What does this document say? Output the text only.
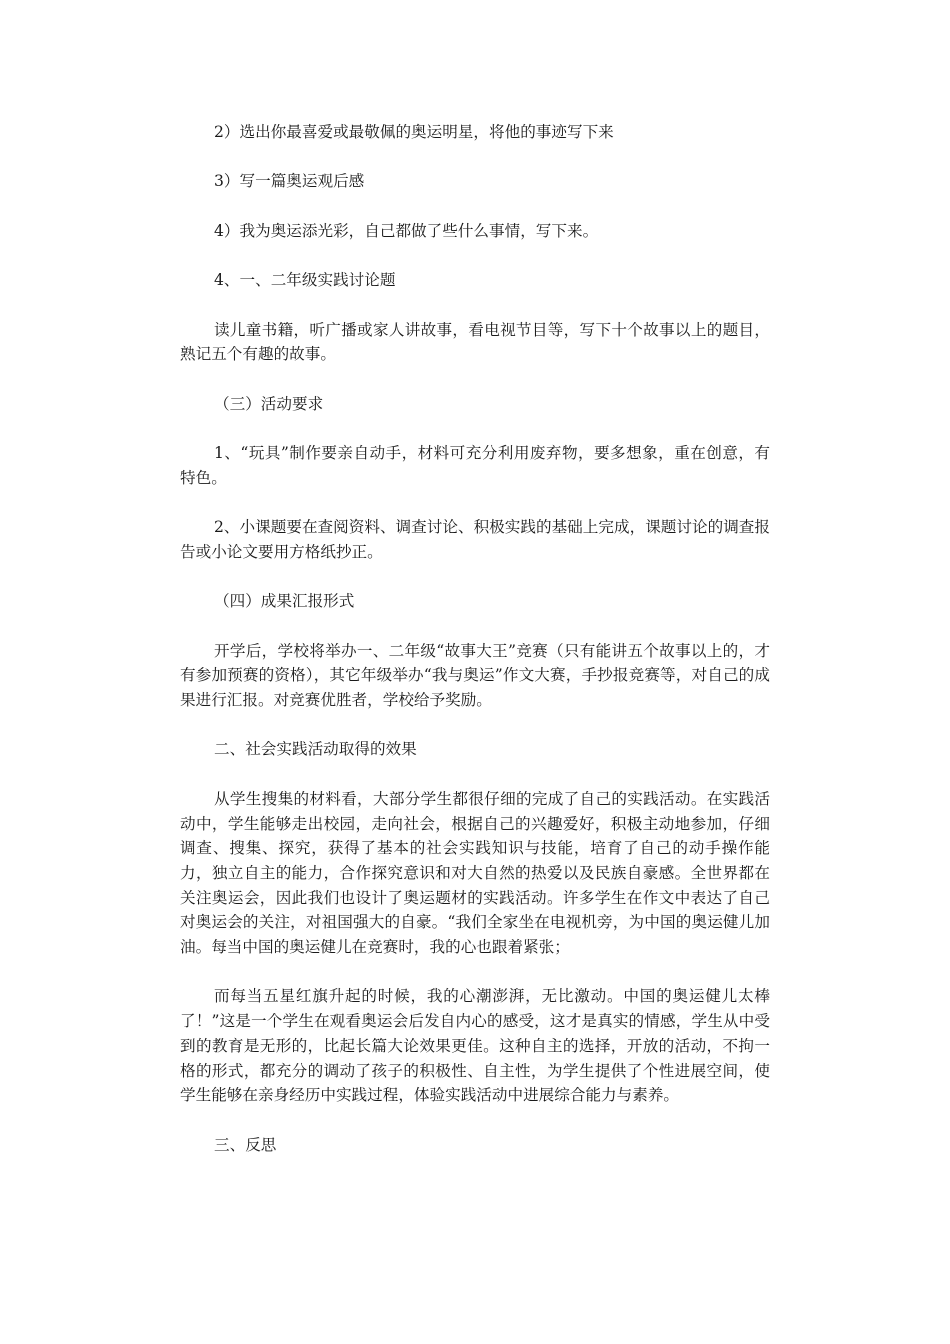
2）选出你最喜爱或最敬佩的奥运明星，将他的事迹写下来

3）写一篇奥运观后感

4）我为奥运添光彩，自己都做了些什么事情，写下来。

4、一、二年级实践讨论题

读儿童书籍，听广播或家人讲故事，看电视节目等，写下十个故事以上的题目，熟记五个有趣的故事。

（三）活动要求

1、“玩具”制作要亲自动手，材料可充分利用废弃物，要多想象，重在创意，有特色。

2、小课题要在查阅资料、调查讨论、积极实践的基础上完成，课题讨论的调查报告或小论文要用方格纸抄正。

（四）成果汇报形式

开学后，学校将举办一、二年级“故事大王”竞赛（只有能讲五个故事以上的，才有参加预赛的资格），其它年级举办“我与奥运”作文大赛，手抄报竞赛等，对自己的成果进行汇报。对竞赛优胜者，学校给予奖励。

二、社会实践活动取得的效果

从学生搜集的材料看，大部分学生都很仔细的完成了自己的实践活动。在实践活动中，学生能够走出校园，走向社会，根据自己的兴趣爱好，积极主动地参加，仔细调查、搜集、探究，获得了基本的社会实践知识与技能，培育了自己的动手操作能力，独立自主的能力，合作探究意识和对大自然的热爱以及民族自豪感。全世界都在关注奥运会，因此我们也设计了奥运题材的实践活动。许多学生在作文中表达了自己对奥运会的关注，对祖国强大的自豪。“我们全家坐在电视机旁，为中国的奥运健儿加油。每当中国的奥运健儿在竞赛时，我的心也跟着紧张；

而每当五星红旗升起的时候，我的心潮澎湃，无比激动。中国的奥运健儿太棒了！”这是一个学生在观看奥运会后发自内心的感受，这才是真实的情感，学生从中受到的教育是无形的，比起长篇大论效果更佳。这种自主的选择，开放的活动，不拘一格的形式，都充分的调动了孩子的积极性、自主性，为学生提供了个性进展空间，使学生能够在亲身经历中实践过程，体验实践活动中进展综合能力与素养。

三、反思
